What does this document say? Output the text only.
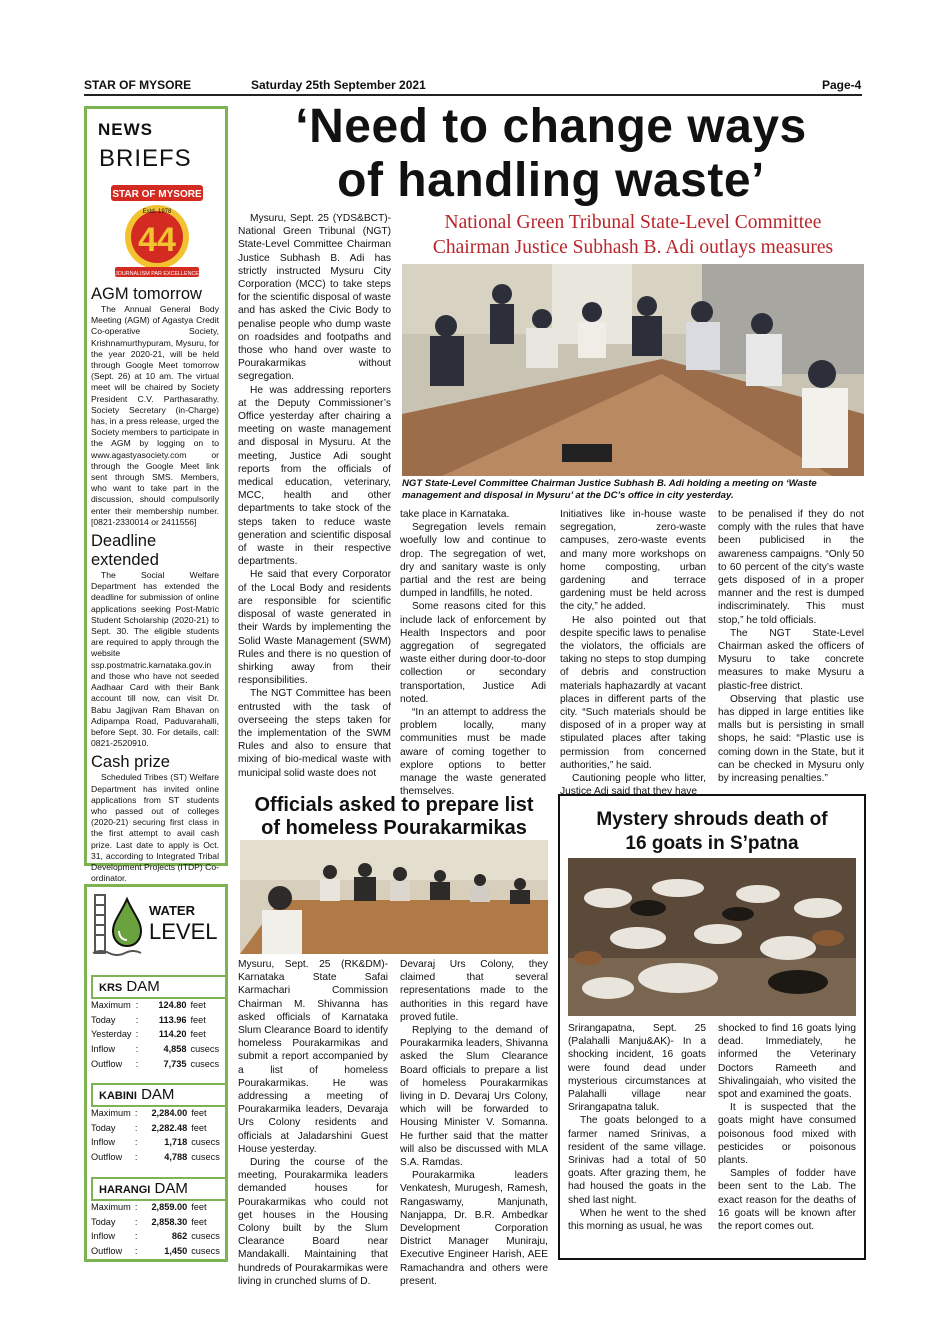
STAR OF MYSORE	Saturday 25th September 2021	Page-4
NEWS
BRIEFS
STAR OF MYSORE
Estd. 1978
44
JOURNALISM PAR EXCELLENCE
AGM tomorrow
The Annual General Body Meeting (AGM) of Agastya Credit Co-operative Society, Krishnamurthypuram, Mysuru, for the year 2020-21, will be held through Google Meet tomorrow (Sept. 26) at 10 am. The virtual meet will be chaired by Society President C.V. Parthasarathy. Society Secretary (in-Charge) has, in a press release, urged the Society members to participate in the AGM by logging on to www.agastyasociety.com or through the Google Meet link sent through SMS. Members, who want to take part in the discussion, should compulsorily enter their membership number. [0821-2330014 or 2411556]
Deadline extended
The Social Welfare Department has extended the deadline for submission of online applications seeking Post-Matric Student Scholarship (2020-21) to Sept. 30. The eligible students are required to apply through the website ssp.postmatric.karnataka.gov.in and those who have not seeded Aadhaar Card with their Bank account till now, can visit Dr. Babu Jagjivan Ram Bhavan on Adipampa Road, Paduvarahalli, before Sept. 30. For details, call: 0821-2520910.
Cash prize
Scheduled Tribes (ST) Welfare Department has invited online applications from ST students who passed out of colleges (2020-21) securing first class in the first attempt to avail cash prize. Last date to apply is Oct. 31, according to Integrated Tribal Development Projects (ITDP) Co-ordinator.
WATER
LEVEL
KRS DAM
Maximum	:	124.80	feet
Today	:	113.96	feet
Yesterday	:	114.20	feet
Inflow	:	4,858	cusecs
Outflow	:	7,735	cusecs
KABINI DAM
Maximum	:	2,284.00	feet
Today	:	2,282.48	feet
Inflow	:	1,718	cusecs
Outflow	:	4,788	cusecs
HARANGI DAM
Maximum	:	2,859.00	feet
Today	:	2,858.30	feet
Inflow	:	862	cusecs
Outflow	:	1,450	cusecs
‘Need to change ways
of handling waste’
National Green Tribunal State-Level Committee
Chairman Justice Subhash B. Adi outlays measures
NGT State-Level Committee Chairman Justice Subhash B. Adi holding a meeting on ‘Waste management and disposal in Mysuru’ at the DC’s office in city yesterday.

Mysuru, Sept. 25 (YDS&BCT)- National Green Tribunal (NGT) State-Level Committee Chairman Justice Subhash B. Adi has strictly instructed Mysuru City Corporation (MCC) to take steps for the scientific disposal of waste and has asked the Civic Body to penalise people who dump waste on roadsides and footpaths and those who hand over waste to Pourakarmikas without segregation.

He was addressing reporters at the Deputy Commissioner’s Office yesterday after chairing a meeting on waste management and disposal in Mysuru. At the meeting, Justice Adi sought reports from the officials of medical education, veterinary, MCC, health and other departments to take stock of the steps taken to reduce waste generation and scientific disposal of waste in their respective departments.

He said that every Corporator of the Local Body and residents are responsible for scientific disposal of waste generated in their Wards by implementing the Solid Waste Management (SWM) Rules and there is no question of shirking away from their responsibilities.

The NGT Committee has been entrusted with the task of overseeing the steps taken for the implementation of the SWM Rules and also to ensure that mixing of bio-medical waste with municipal solid waste does not

take place in Karnataka.

Segregation levels remain woefully low and continue to drop. The segregation of wet, dry and sanitary waste is only partial and the rest are being dumped in landfills, he noted.

Some reasons cited for this include lack of enforcement by Health Inspectors and poor aggregation of segregated waste either during door-to-door collection or secondary transportation, Justice Adi noted.

“In an attempt to address the problem locally, many communities must be made aware of coming together to explore options to better manage the waste generated themselves.

Initiatives like in-house waste segregation, zero-waste campuses, zero-waste events and many more workshops on home composting, urban gardening and terrace gardening must be held across the city,” he added.

He also pointed out that despite specific laws to penalise the violators, the officials are taking no steps to stop dumping of debris and construction materials haphazardly at vacant places in different parts of the city. “Such materials should be disposed of in a proper way at stipulated places after taking permission from concerned authorities,” he said.

Cautioning people who litter, Justice Adi said that they have

to be penalised if they do not comply with the rules that have been publicised in the awareness campaigns. “Only 50 to 60 percent of the city’s waste gets disposed of in a proper manner and the rest is dumped indiscriminately. This must stop,” he told officials.

The NGT State-Level Chairman asked the officers of Mysuru to take concrete measures to make Mysuru a plastic-free district.

Observing that plastic use has dipped in large entities like malls but is persisting in small shops, he said: “Plastic use is coming down in the State, but it can be checked in Mysuru only by increasing penalties.”

Officials asked to prepare list
of homeless Pourakarmikas

Mysuru, Sept. 25 (RK&DM)- Karnataka State Safai Karmachari Commission Chairman M. Shivanna has asked officials of Karnataka Slum Clearance Board to identify homeless Pourakarmikas and submit a report accompanied by a list of homeless Pourakarmikas. He was addressing a meeting of Pourakarmika leaders, Devaraja Urs Colony residents and officials at Jaladarshini Guest House yesterday.

During the course of the meeting, Pourakarmika leaders demanded houses for Pourakarmikas who could not get houses in the Housing Colony built by the Slum Clearance Board near Mandakalli. Maintaining that hundreds of Pourakarmikas were living in crunched slums of D.

Devaraj Urs Colony, they claimed that several representations made to the authorities in this regard have proved futile.

Replying to the demand of Pourakarmika leaders, Shivanna asked the Slum Clearance Board officials to prepare a list of homeless Pourakarmikas living in D. Devaraj Urs Colony, which will be forwarded to Housing Minister V. Somanna. He further said that the matter will also be discussed with MLA S.A. Ramdas.

Pourakarmika leaders Venkatesh, Murugesh, Ramesh, Rangaswamy, Manjunath, Nanjappa, Dr. B.R. Ambedkar Development Corporation District Manager Muniraju, Executive Engineer Harish, AEE Ramachandra and others were present.

Mystery shrouds death of
16 goats in S’patna

Srirangapatna, Sept. 25 (Palahalli Manju&AK)- In a shocking incident, 16 goats were found dead under mysterious circumstances at Palahalli village near Srirangapatna taluk.

The goats belonged to a farmer named Srinivas, a resident of the same village. Srinivas had a total of 50 goats. After grazing them, he had housed the goats in the shed last night.

When he went to the shed this morning as usual, he was

shocked to find 16 goats lying dead. Immediately, he informed the Veterinary Doctors Rameeth and Shivalingaiah, who visited the spot and examined the goats.

It is suspected that the goats might have consumed poisonous food mixed with pesticides or poisonous plants.

Samples of fodder have been sent to the Lab. The exact reason for the deaths of 16 goats will be known after the report comes out.
